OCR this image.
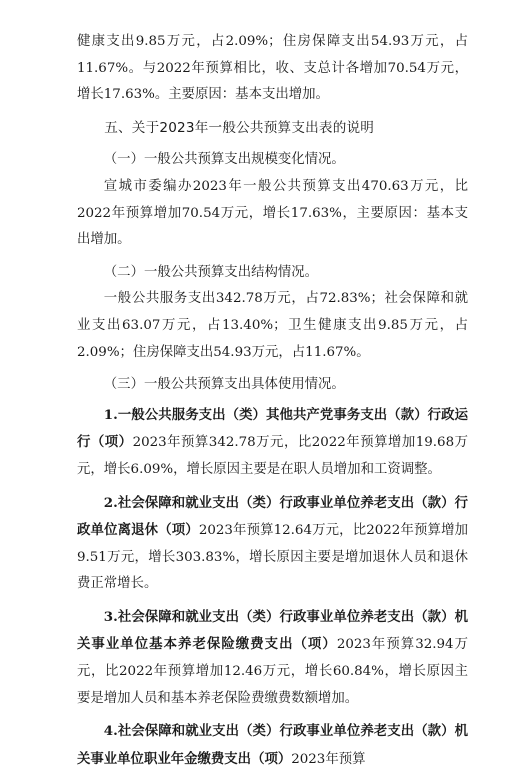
健康支出9.85万元，占2.09%；住房保障支出54.93万元，占11.67%。与2022年预算相比，收、支总计各增加70.54万元，增长17.63%。主要原因：基本支出增加。

五、关于2023年一般公共预算支出表的说明

（一）一般公共预算支出规模变化情况。

宣城市委编办2023年一般公共预算支出470.63万元，比2022年预算增加70.54万元，增长17.63%，主要原因：基本支出增加。

（二）一般公共预算支出结构情况。

一般公共服务支出342.78万元，占72.83%；社会保障和就业支出63.07万元，占13.40%；卫生健康支出9.85万元，占2.09%；住房保障支出54.93万元，占11.67%。

（三）一般公共预算支出具体使用情况。

1.一般公共服务支出（类）其他共产党事务支出（款）行政运行（项）2023年预算342.78万元，比2022年预算增加19.68万元，增长6.09%，增长原因主要是在职人员增加和工资调整。

2.社会保障和就业支出（类）行政事业单位养老支出（款）行政单位离退休（项）2023年预算12.64万元，比2022年预算增加9.51万元，增长303.83%，增长原因主要是增加退休人员和退休费正常增长。

3.社会保障和就业支出（类）行政事业单位养老支出（款）机关事业单位基本养老保险缴费支出（项）2023年预算32.94万元，比2022年预算增加12.46万元，增长60.84%，增长原因主要是增加人员和基本养老保险费缴费数额增加。

4.社会保障和就业支出（类）行政事业单位养老支出（款）机关事业单位职业年金缴费支出（项）2023年预算
